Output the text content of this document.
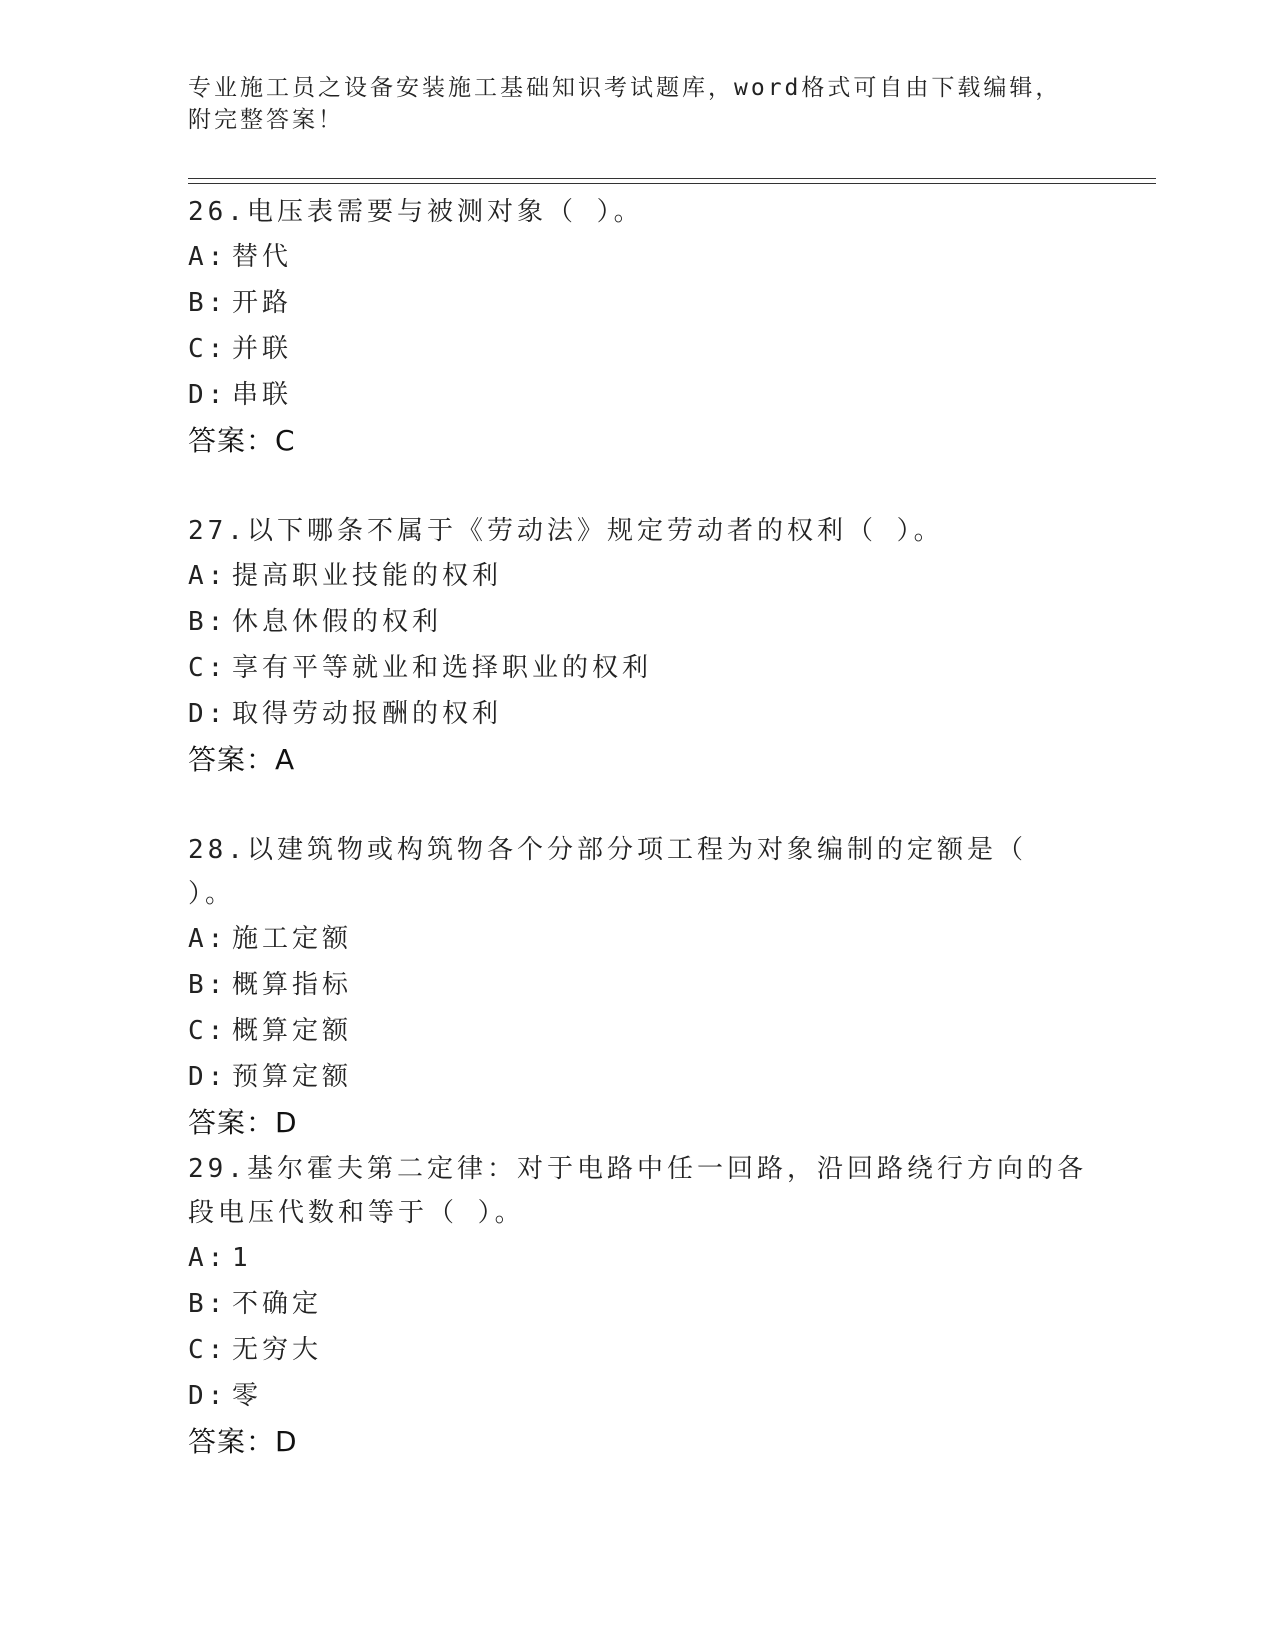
专业施工员之设备安装施工基础知识考试题库，word格式可自由下载编辑，附完整答案！

26.电压表需要与被测对象（ ）。

A: 替代
B: 开路
C: 并联
D: 串联
答案：C

27.以下哪条不属于《劳动法》规定劳动者的权利（ ）。

A: 提高职业技能的权利
B: 休息休假的权利
C: 享有平等就业和选择职业的权利
D: 取得劳动报酬的权利
答案：A

28.以建筑物或构筑物各个分部分项工程为对象编制的定额是（ ）。

A: 施工定额
B: 概算指标
C: 概算定额
D: 预算定额
答案：D

29.基尔霍夫第二定律：对于电路中任一回路，沿回路绕行方向的各段电压代数和等于（ ）。

A: 1
B: 不确定
C: 无穷大
D: 零
答案：D
